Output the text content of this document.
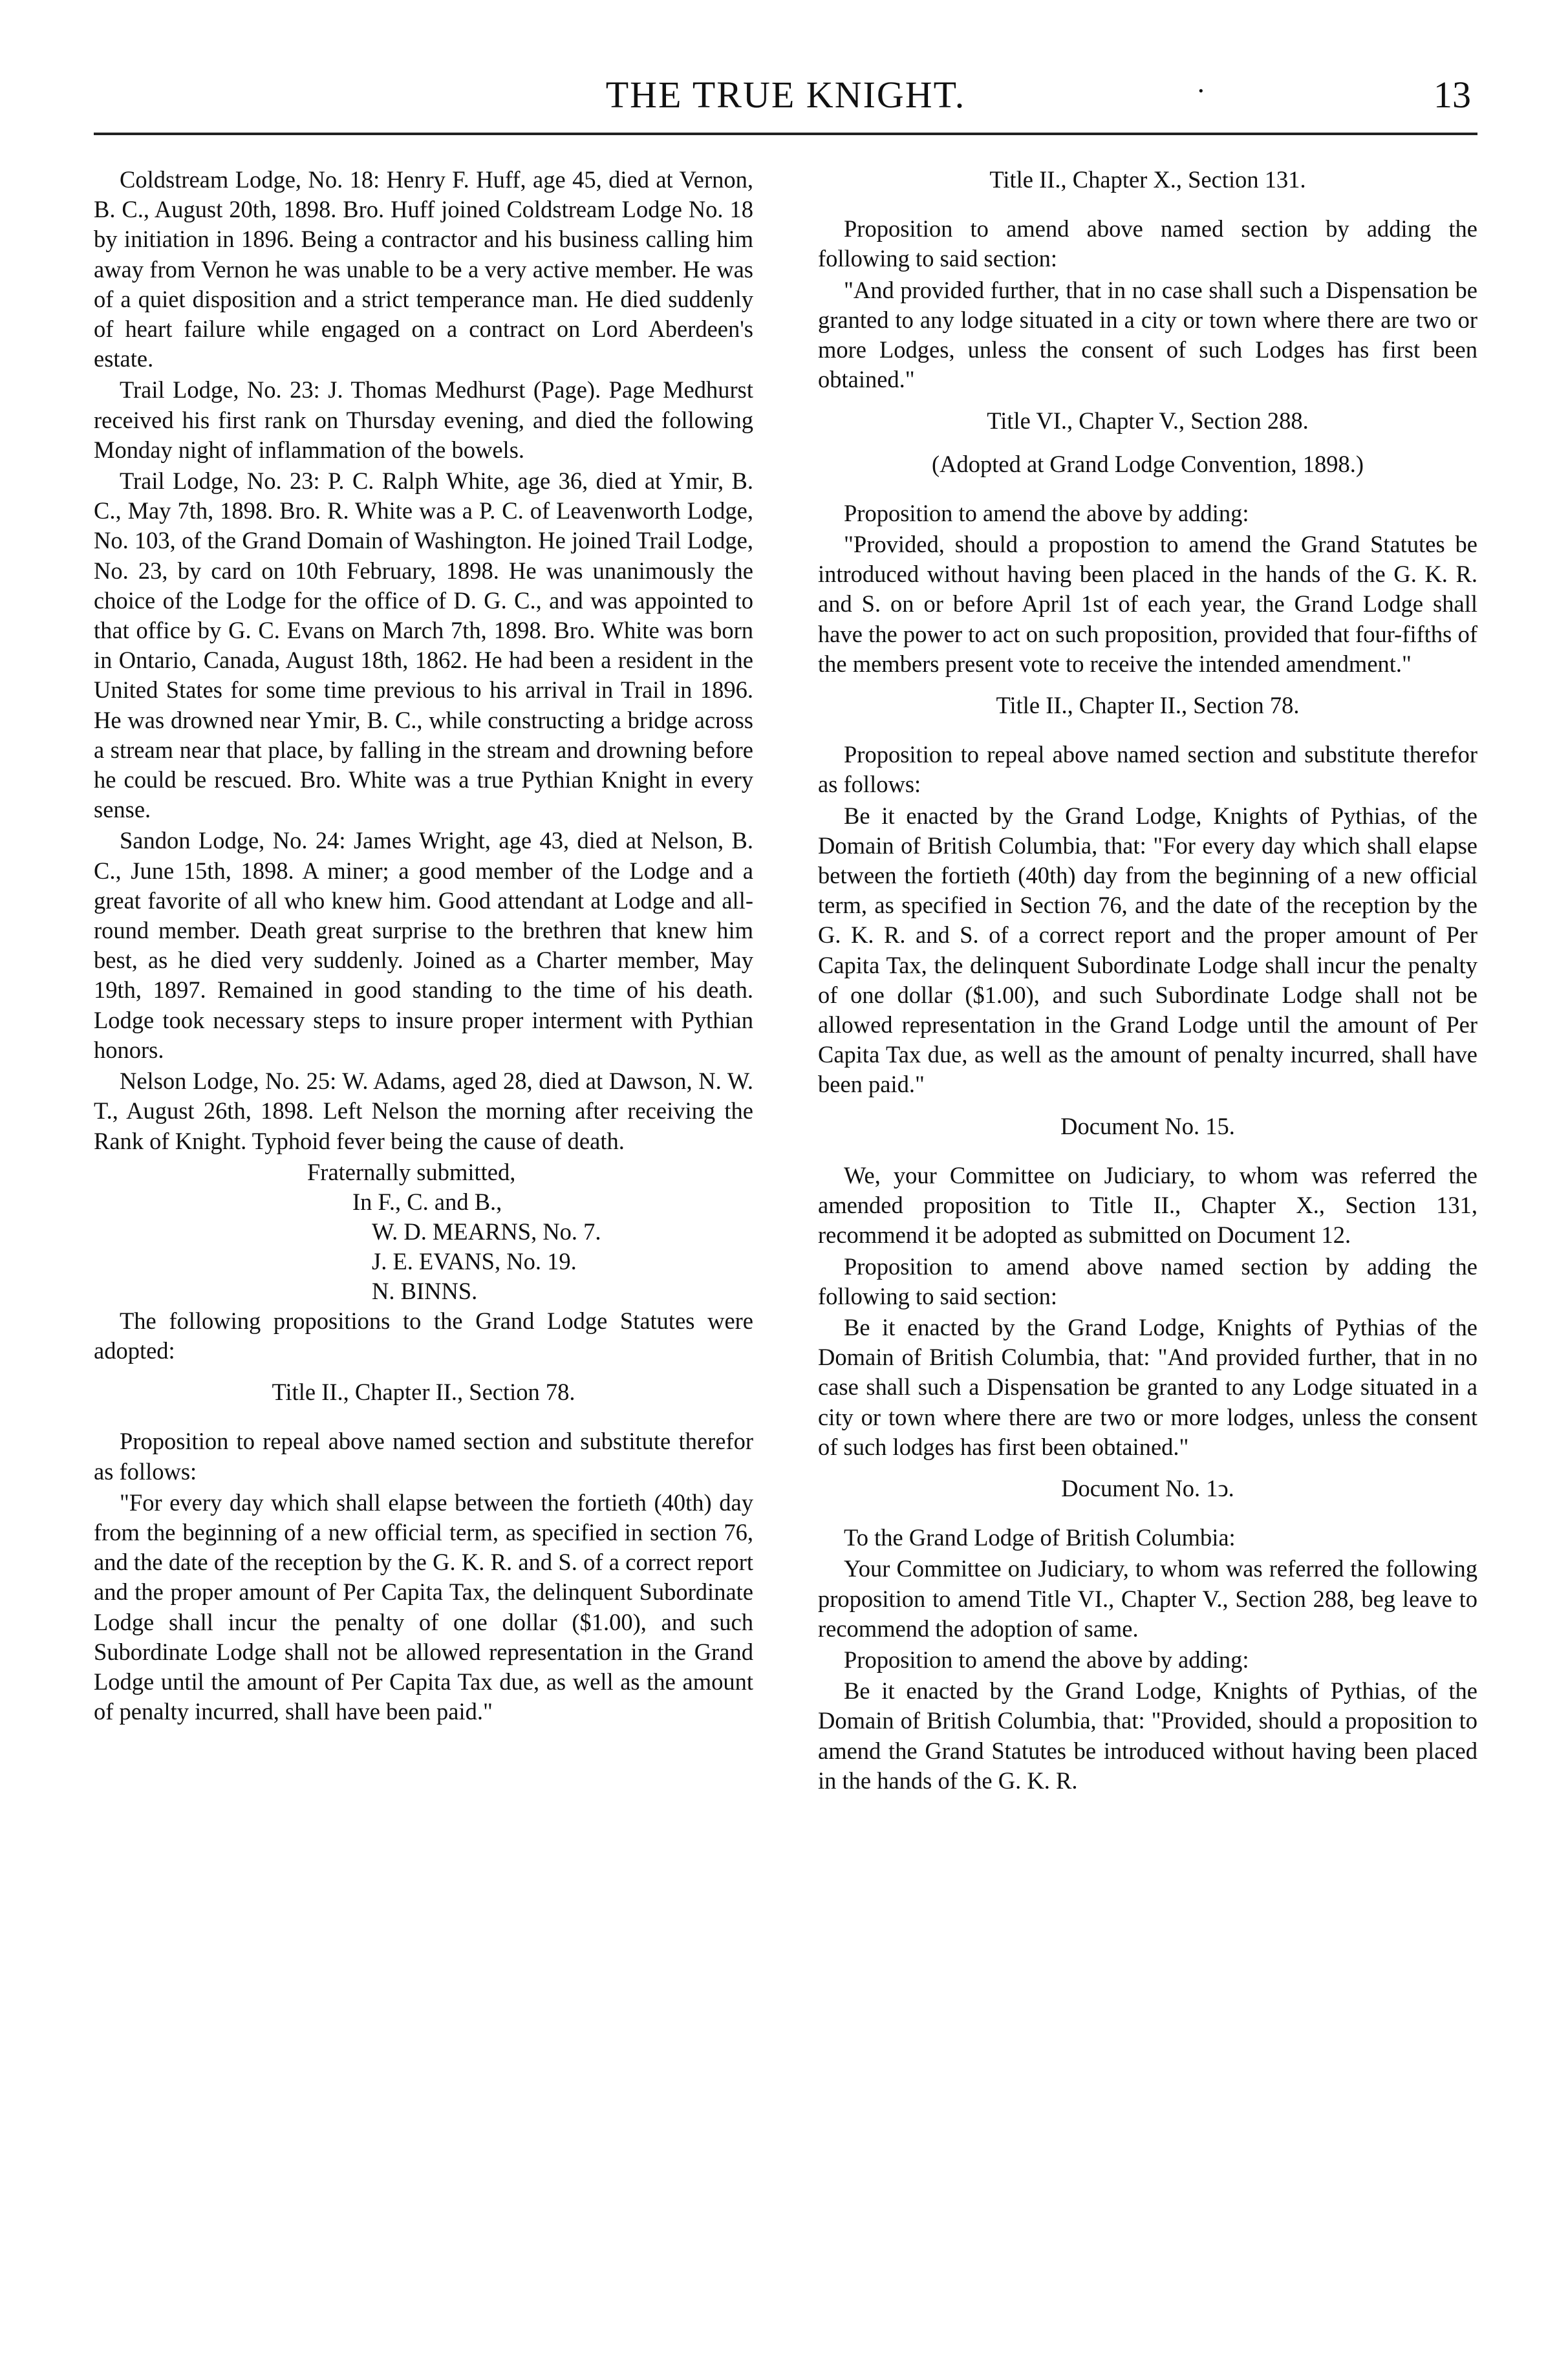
THE TRUE KNIGHT.	·	13

Coldstream Lodge, No. 18: Henry F. Huff, age 45, died at Vernon, B. C., August 20th, 1898. Bro. Huff joined Coldstream Lodge No. 18 by initiation in 1896. Being a contractor and his business calling him away from Vernon he was unable to be a very active member. He was of a quiet disposition and a strict temperance man. He died suddenly of heart failure while engaged on a contract on Lord Aberdeen's estate.

Trail Lodge, No. 23: J. Thomas Medhurst (Page). Page Medhurst received his first rank on Thursday evening, and died the following Monday night of inflammation of the bowels.

Trail Lodge, No. 23: P. C. Ralph White, age 36, died at Ymir, B. C., May 7th, 1898. Bro. R. White was a P. C. of Leavenworth Lodge, No. 103, of the Grand Domain of Washington. He joined Trail Lodge, No. 23, by card on 10th February, 1898. He was unanimously the choice of the Lodge for the office of D. G. C., and was appointed to that office by G. C. Evans on March 7th, 1898. Bro. White was born in Ontario, Canada, August 18th, 1862. He had been a resident in the United States for some time previous to his arrival in Trail in 1896. He was drowned near Ymir, B. C., while constructing a bridge across a stream near that place, by falling in the stream and drowning before he could be rescued. Bro. White was a true Pythian Knight in every sense.

Sandon Lodge, No. 24: James Wright, age 43, died at Nelson, B. C., June 15th, 1898. A miner; a good member of the Lodge and a great favorite of all who knew him. Good attendant at Lodge and all-round member. Death great surprise to the brethren that knew him best, as he died very suddenly. Joined as a Charter member, May 19th, 1897. Remained in good standing to the time of his death. Lodge took necessary steps to insure proper interment with Pythian honors.

Nelson Lodge, No. 25: W. Adams, aged 28, died at Dawson, N. W. T., August 26th, 1898. Left Nelson the morning after receiving the Rank of Knight. Typhoid fever being the cause of death.

Fraternally submitted,
In F., C. and B.,
W. D. MEARNS, No. 7.
J. E. EVANS, No. 19.
N. BINNS.

The following propositions to the Grand Lodge Statutes were adopted:

Title II., Chapter II., Section 78.

Proposition to repeal above named section and substitute therefor as follows:

"For every day which shall elapse between the fortieth (40th) day from the beginning of a new official term, as specified in section 76, and the date of the reception by the G. K. R. and S. of a correct report and the proper amount of Per Capita Tax, the delinquent Subordinate Lodge shall incur the penalty of one dollar ($1.00), and such Subordinate Lodge shall not be allowed representation in the Grand Lodge until the amount of Per Capita Tax due, as well as the amount of penalty incurred, shall have been paid."

Title II., Chapter X., Section 131.

Proposition to amend above named section by adding the following to said section:

"And provided further, that in no case shall such a Dispensation be granted to any lodge situated in a city or town where there are two or more Lodges, unless the consent of such Lodges has first been obtained."

Title VI., Chapter V., Section 288.
(Adopted at Grand Lodge Convention, 1898.)

Proposition to amend the above by adding:

"Provided, should a propostion to amend the Grand Statutes be introduced without having been placed in the hands of the G. K. R. and S. on or before April 1st of each year, the Grand Lodge shall have the power to act on such proposition, provided that four-fifths of the members present vote to receive the intended amendment."

Title II., Chapter II., Section 78.

Proposition to repeal above named section and substitute therefor as follows:

Be it enacted by the Grand Lodge, Knights of Pythias, of the Domain of British Columbia, that: "For every day which shall elapse between the fortieth (40th) day from the beginning of a new official term, as specified in Section 76, and the date of the reception by the G. K. R. and S. of a correct report and the proper amount of Per Capita Tax, the delinquent Subordinate Lodge shall incur the penalty of one dollar ($1.00), and such Subordinate Lodge shall not be allowed representation in the Grand Lodge until the amount of Per Capita Tax due, as well as the amount of penalty incurred, shall have been paid."

Document No. 15.

We, your Committee on Judiciary, to whom was referred the amended proposition to Title II., Chapter X., Section 131, recommend it be adopted as submitted on Document 12.

Proposition to amend above named section by adding the following to said section:

Be it enacted by the Grand Lodge, Knights of Pythias of the Domain of British Columbia, that: "And provided further, that in no case shall such a Dispensation be granted to any Lodge situated in a city or town where there are two or more lodges, unless the consent of such lodges has first been obtained."

Document No. 1ↄ.

To the Grand Lodge of British Columbia:

Your Committee on Judiciary, to whom was referred the following proposition to amend Title VI., Chapter V., Section 288, beg leave to recommend the adoption of same.

Proposition to amend the above by adding:

Be it enacted by the Grand Lodge, Knights of Pythias, of the Domain of British Columbia, that: "Provided, should a proposition to amend the Grand Statutes be introduced without having been placed in the hands of the G. K. R.
